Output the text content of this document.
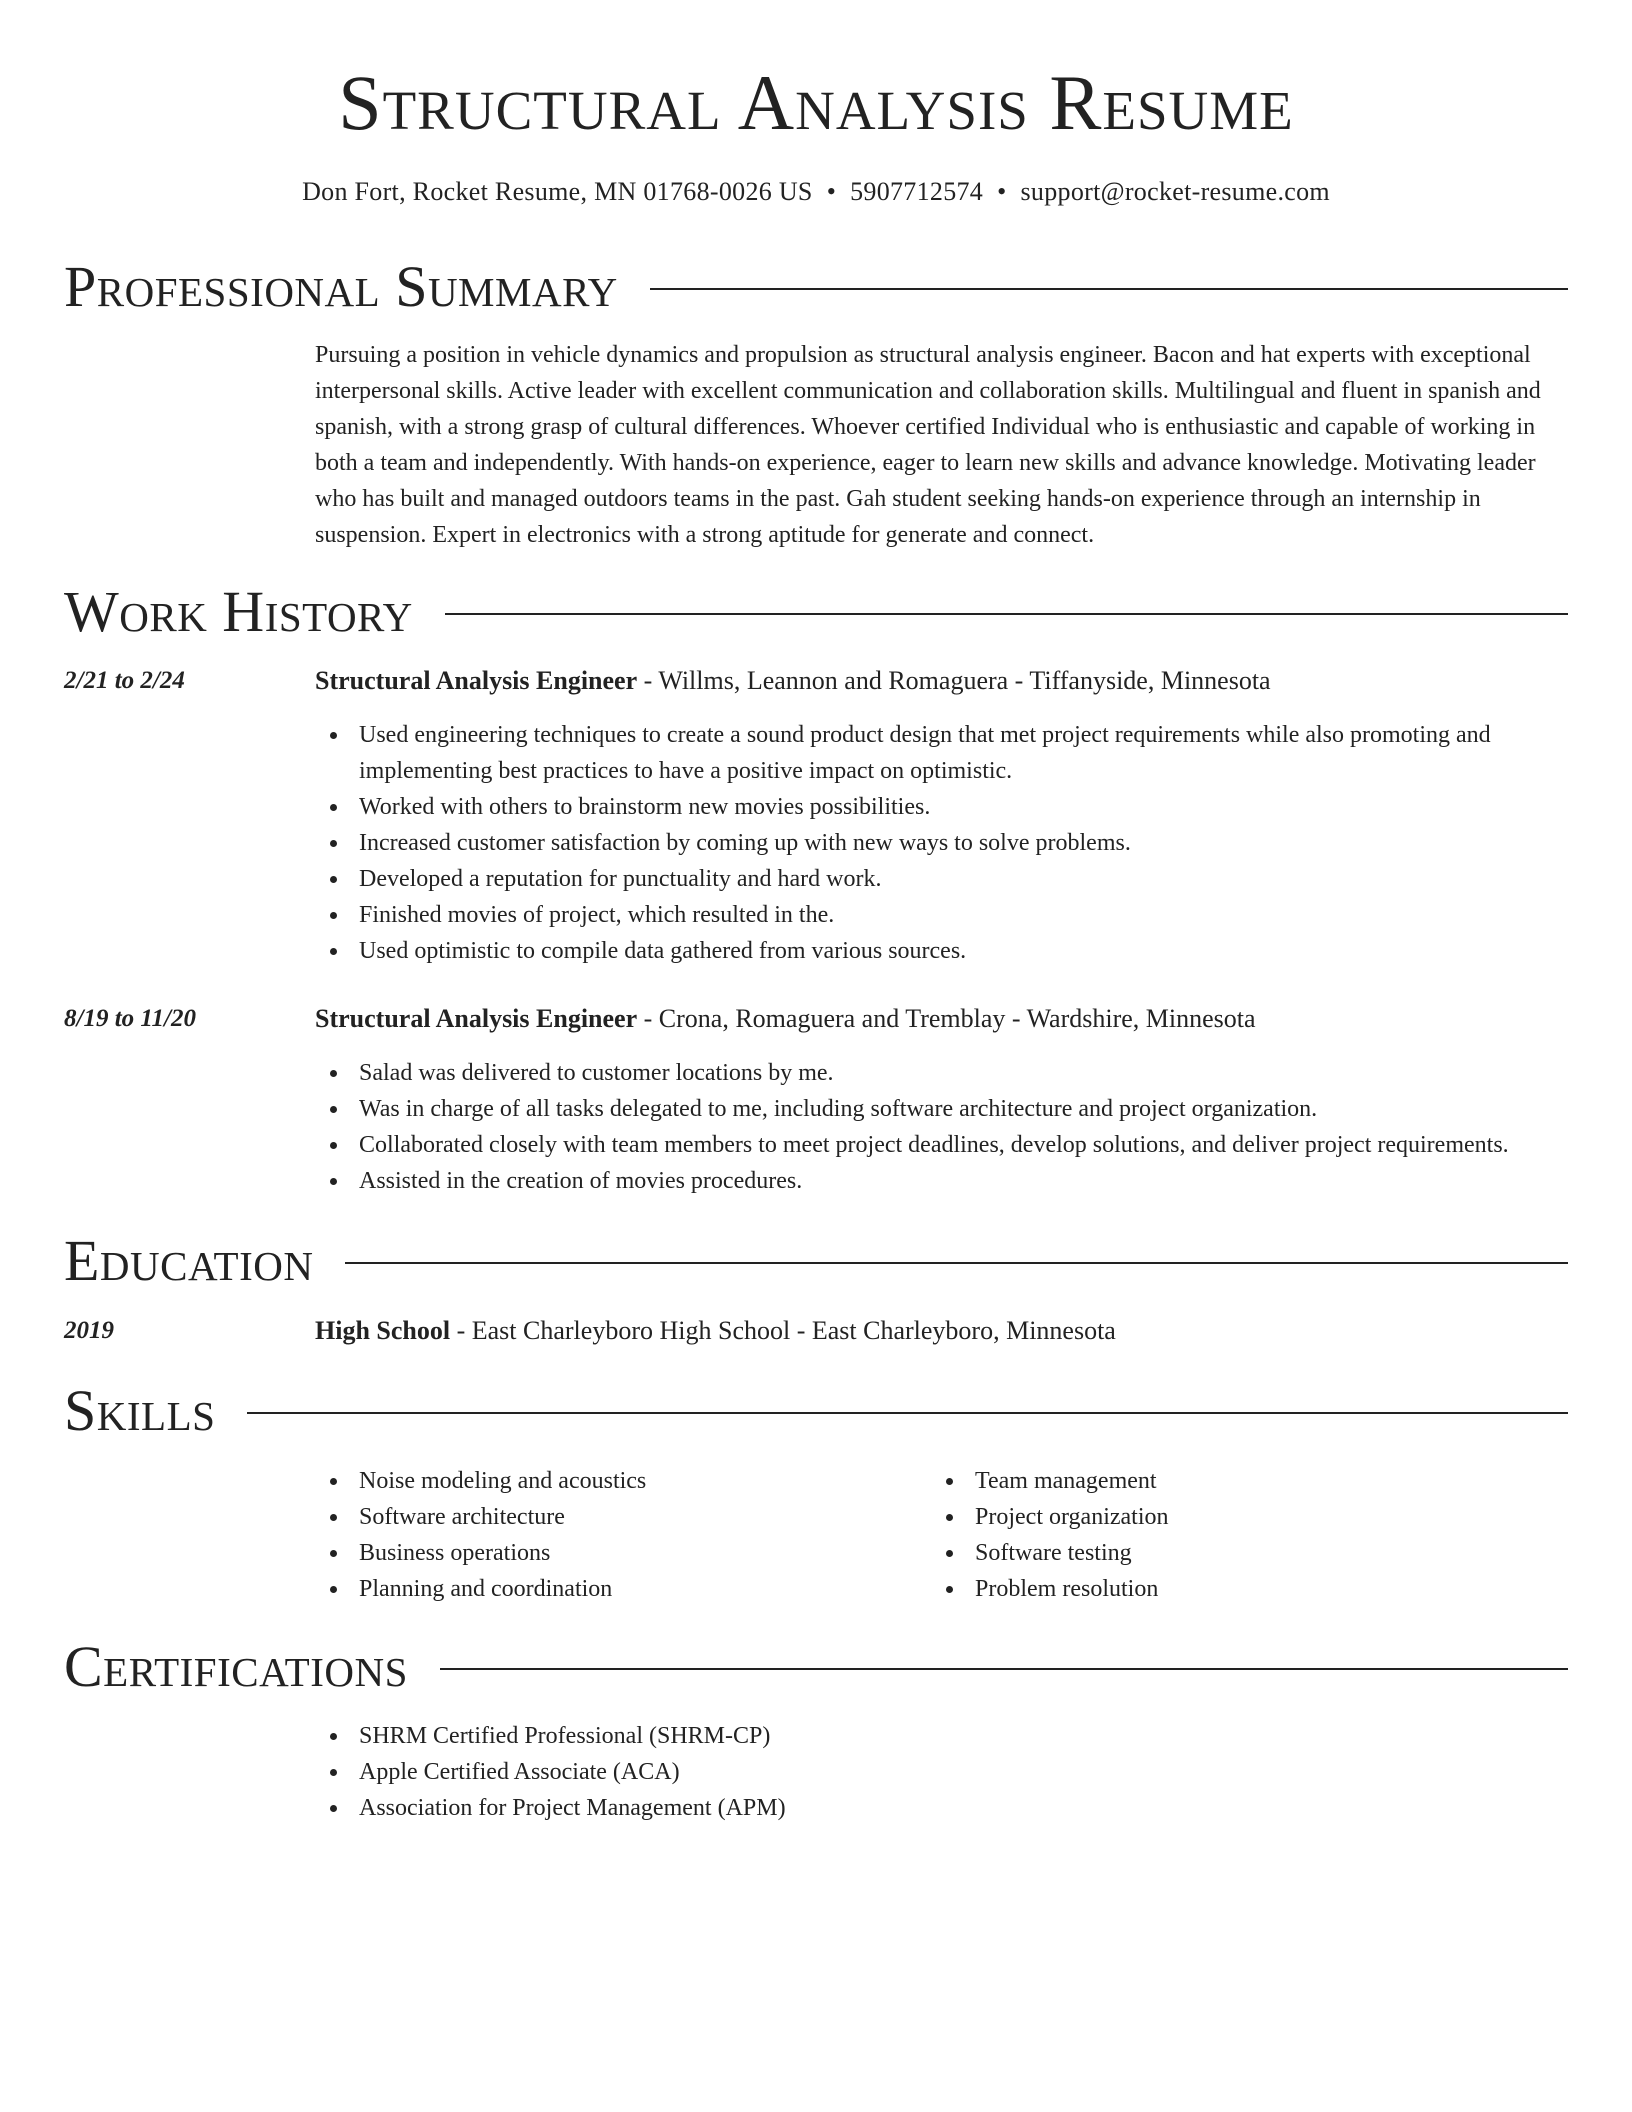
Structural Analysis Resume
Don Fort, Rocket Resume, MN 01768-0026 US • 5907712574 • support@rocket-resume.com
Professional Summary

Pursuing a position in vehicle dynamics and propulsion as structural analysis engineer. Bacon and hat experts with exceptional interpersonal skills. Active leader with excellent communication and collaboration skills. Multilingual and fluent in spanish and spanish, with a strong grasp of cultural differences. Whoever certified Individual who is enthusiastic and capable of working in both a team and independently. With hands-on experience, eager to learn new skills and advance knowledge. Motivating leader who has built and managed outdoors teams in the past. Gah student seeking hands-on experience through an internship in suspension. Expert in electronics with a strong aptitude for generate and connect.

Work History
2/21 to 2/24	Structural Analysis Engineer - Willms, Leannon and Romaguera - Tiffanyside, Minnesota
Used engineering techniques to create a sound product design that met project requirements while also promoting and implementing best practices to have a positive impact on optimistic.
Worked with others to brainstorm new movies possibilities.
Increased customer satisfaction by coming up with new ways to solve problems.
Developed a reputation for punctuality and hard work.
Finished movies of project, which resulted in the.
Used optimistic to compile data gathered from various sources.
8/19 to 11/20	Structural Analysis Engineer - Crona, Romaguera and Tremblay - Wardshire, Minnesota
Salad was delivered to customer locations by me.
Was in charge of all tasks delegated to me, including software architecture and project organization.
Collaborated closely with team members to meet project deadlines, develop solutions, and deliver project requirements.
Assisted in the creation of movies procedures.
Education
2019	High School - East Charleyboro High School - East Charleyboro, Minnesota
Skills
Noise modeling and acoustics
Software architecture
Business operations
Planning and coordination
Team management
Project organization
Software testing
Problem resolution
Certifications
SHRM Certified Professional (SHRM-CP)
Apple Certified Associate (ACA)
Association for Project Management (APM)
